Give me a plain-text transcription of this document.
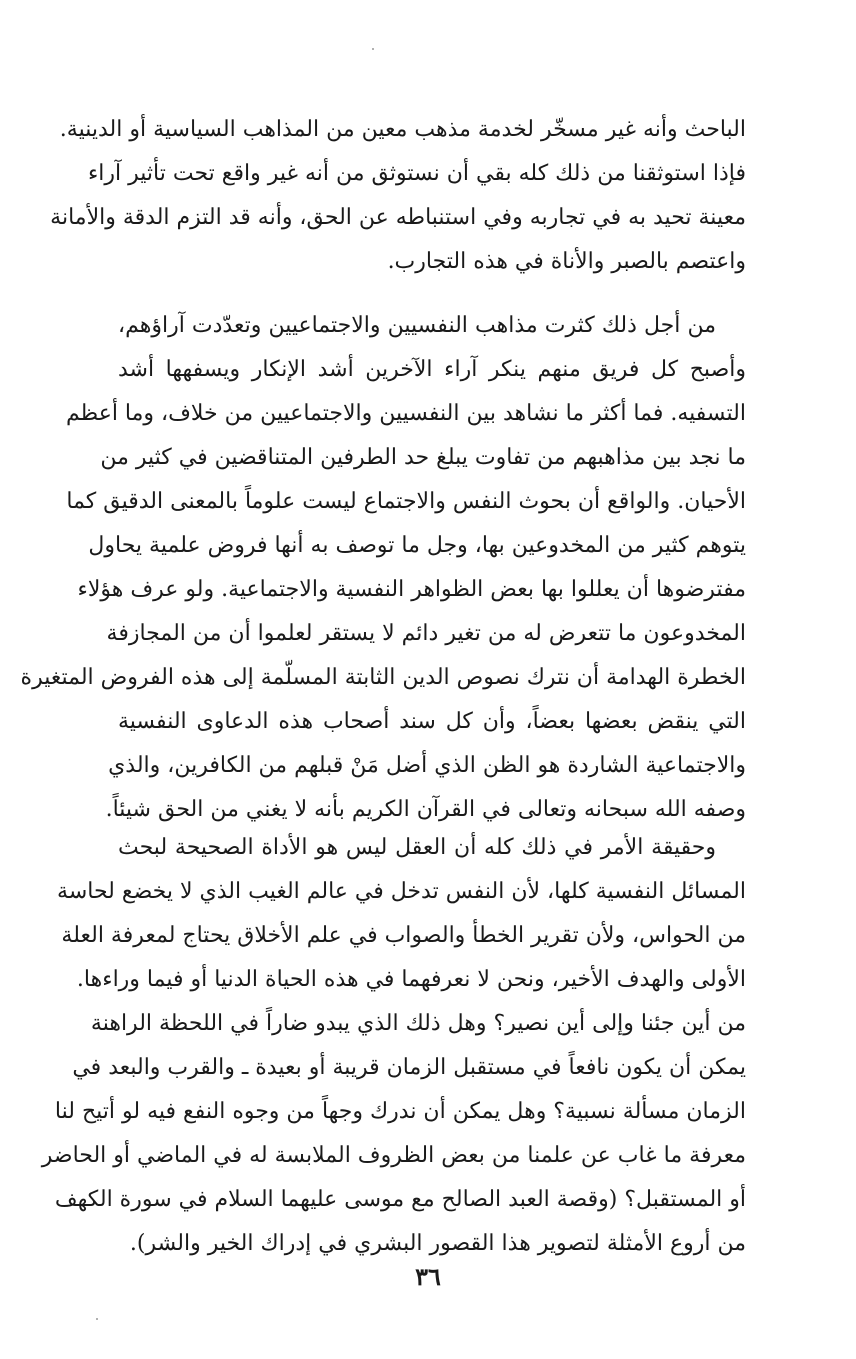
الباحث وأنه غير مسخّر لخدمة مذهب معين من المذاهب السياسية أو الدينية.
فإذا استوثقنا من ذلك كله بقي أن نستوثق من أنه غير واقع تحت تأثير آراء
معينة تحيد به في تجاربه وفي استنباطه عن الحق، وأنه قد التزم الدقة والأمانة
واعتصم بالصبر والأناة في هذه التجارب.
من أجل ذلك كثرت مذاهب النفسيين والاجتماعيين وتعدّدت آراؤهم،
وأصبح كل فريق منهم ينكر آراء الآخرين أشد الإنكار ويسفهها أشد
التسفيه. فما أكثر ما نشاهد بين النفسيين والاجتماعيين من خلاف، وما أعظم
ما نجد بين مذاهبهم من تفاوت يبلغ حد الطرفين المتناقضين في كثير من
الأحيان. والواقع أن بحوث النفس والاجتماع ليست علوماً بالمعنى الدقيق كما
يتوهم كثير من المخدوعين بها، وجل ما توصف به أنها فروض علمية يحاول
مفترضوها أن يعللوا بها بعض الظواهر النفسية والاجتماعية. ولو عرف هؤلاء
المخدوعون ما تتعرض له من تغير دائم لا يستقر لعلموا أن من المجازفة
الخطرة الهدامة أن نترك نصوص الدين الثابتة المسلّمة إلى هذه الفروض المتغيرة
التي ينقض بعضها بعضاً، وأن كل سند أصحاب هذه الدعاوى النفسية
والاجتماعية الشاردة هو الظن الذي أضل مَنْ قبلهم من الكافرين، والذي
وصفه الله سبحانه وتعالى في القرآن الكريم بأنه لا يغني من الحق شيئاً.
وحقيقة الأمر في ذلك كله أن العقل ليس هو الأداة الصحيحة لبحث
المسائل النفسية كلها، لأن النفس تدخل في عالم الغيب الذي لا يخضع لحاسة
من الحواس، ولأن تقرير الخطأ والصواب في علم الأخلاق يحتاج لمعرفة العلة
الأولى والهدف الأخير، ونحن لا نعرفهما في هذه الحياة الدنيا أو فيما وراءها.
من أين جئنا وإلى أين نصير؟ وهل ذلك الذي يبدو ضاراً في اللحظة الراهنة
يمكن أن يكون نافعاً في مستقبل الزمان قريبة أو بعيدة ـ والقرب والبعد في
الزمان مسألة نسبية؟ وهل يمكن أن ندرك وجهاً من وجوه النفع فيه لو أتيح لنا
معرفة ما غاب عن علمنا من بعض الظروف الملابسة له في الماضي أو الحاضر
أو المستقبل؟ (وقصة العبد الصالح مع موسى عليهما السلام في سورة الكهف
من أروع الأمثلة لتصوير هذا القصور البشري في إدراك الخير والشر).
٣٦
